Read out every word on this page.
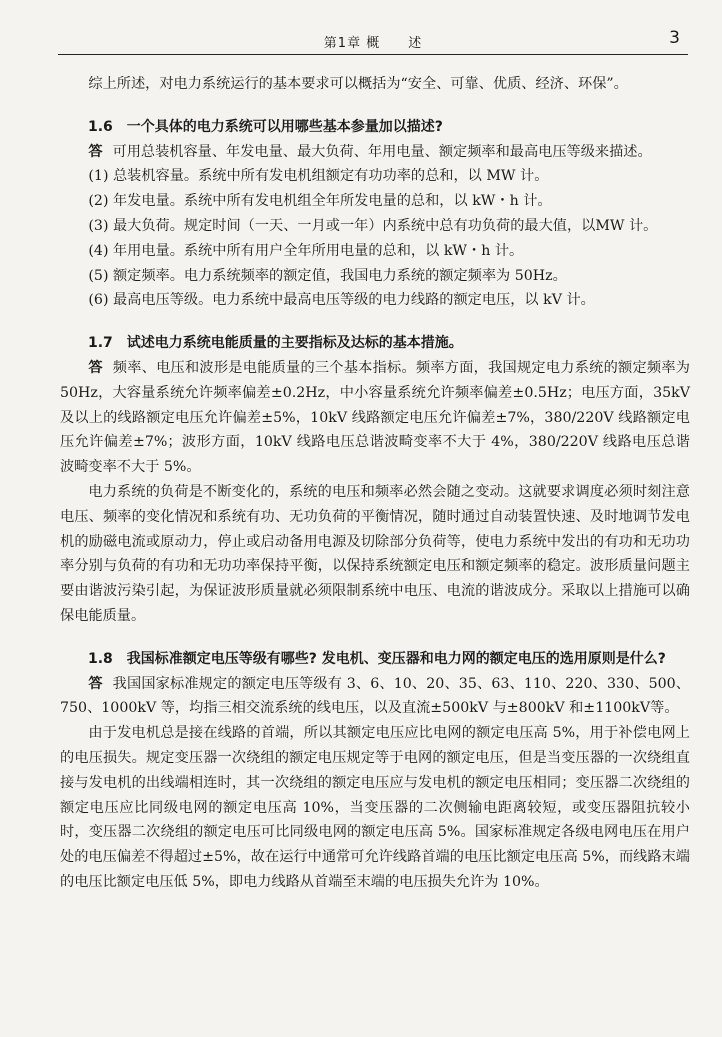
第1章 概　　述	3

综上所述，对电力系统运行的基本要求可以概括为“安全、可靠、优质、经济、环保”。

1.6　一个具体的电力系统可以用哪些基本参量加以描述?

答 可用总装机容量、年发电量、最大负荷、年用电量、额定频率和最高电压等级来描述。

(1) 总装机容量。系统中所有发电机组额定有功功率的总和，以 MW 计。

(2) 年发电量。系统中所有发电机组全年所发电量的总和，以 kW・h 计。

(3) 最大负荷。规定时间（一天、一月或一年）内系统中总有功负荷的最大值，以MW 计。

(4) 年用电量。系统中所有用户全年所用电量的总和，以 kW・h 计。

(5) 额定频率。电力系统频率的额定值，我国电力系统的额定频率为 50Hz。

(6) 最高电压等级。电力系统中最高电压等级的电力线路的额定电压，以 kV 计。

1.7　试述电力系统电能质量的主要指标及达标的基本措施。

答 频率、电压和波形是电能质量的三个基本指标。频率方面，我国规定电力系统的额定频率为 50Hz，大容量系统允许频率偏差±0.2Hz，中小容量系统允许频率偏差±0.5Hz；电压方面，35kV 及以上的线路额定电压允许偏差±5%，10kV 线路额定电压允许偏差±7%，380/220V 线路额定电压允许偏差±7%；波形方面，10kV 线路电压总谐波畸变率不大于 4%，380/220V 线路电压总谐波畸变率不大于 5%。

电力系统的负荷是不断变化的，系统的电压和频率必然会随之变动。这就要求调度必须时刻注意电压、频率的变化情况和系统有功、无功负荷的平衡情况，随时通过自动装置快速、及时地调节发电机的励磁电流或原动力，停止或启动备用电源及切除部分负荷等，使电力系统中发出的有功和无功功率分别与负荷的有功和无功功率保持平衡，以保持系统额定电压和额定频率的稳定。波形质量问题主要由谐波污染引起，为保证波形质量就必须限制系统中电压、电流的谐波成分。采取以上措施可以确保电能质量。

1.8　我国标准额定电压等级有哪些? 发电机、变压器和电力网的额定电压的选用原则是什么?

答 我国国家标准规定的额定电压等级有 3、6、10、20、35、63、110、220、330、500、750、1000kV 等，均指三相交流系统的线电压，以及直流±500kV 与±800kV 和±1100kV等。

由于发电机总是接在线路的首端，所以其额定电压应比电网的额定电压高 5%，用于补偿电网上的电压损失。规定变压器一次绕组的额定电压规定等于电网的额定电压，但是当变压器的一次绕组直接与发电机的出线端相连时，其一次绕组的额定电压应与发电机的额定电压相同；变压器二次绕组的额定电压应比同级电网的额定电压高 10%，当变压器的二次侧输电距离较短，或变压器阻抗较小时，变压器二次绕组的额定电压可比同级电网的额定电压高 5%。国家标准规定各级电网电压在用户处的电压偏差不得超过±5%，故在运行中通常可允许线路首端的电压比额定电压高 5%，而线路末端的电压比额定电压低 5%，即电力线路从首端至末端的电压损失允许为 10%。
